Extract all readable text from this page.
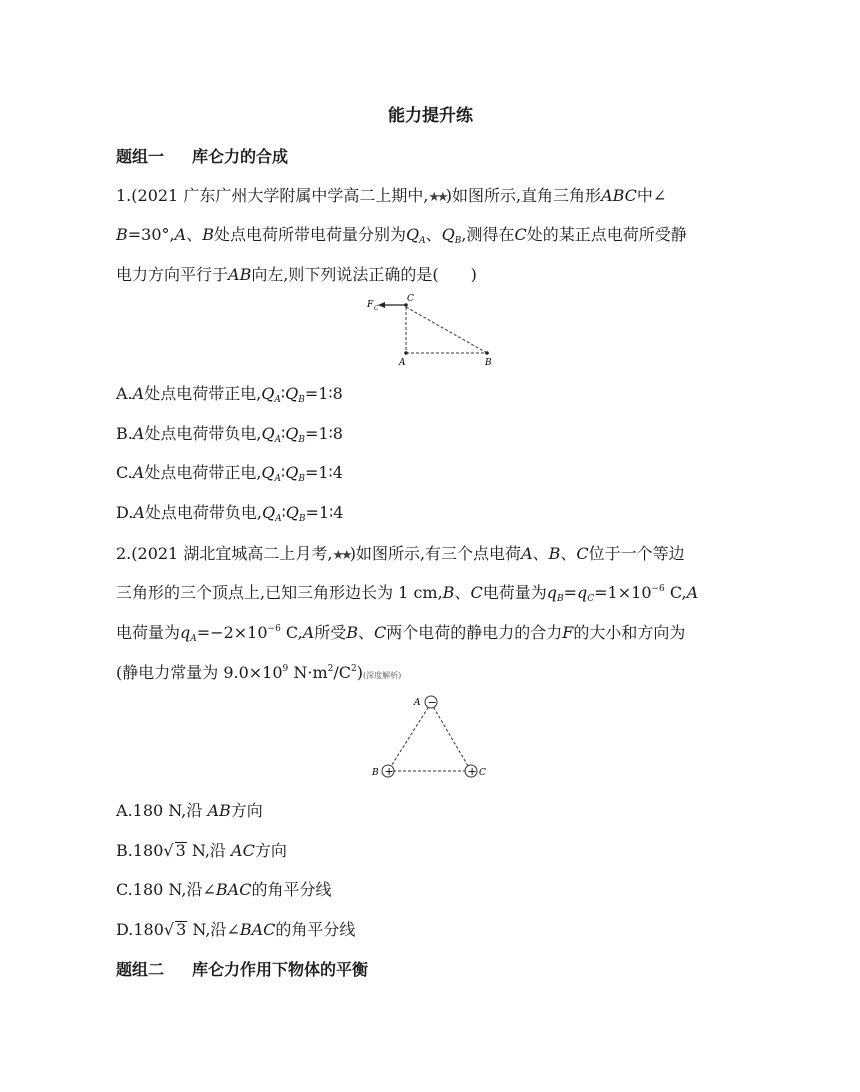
能力提升练
题组一 库仑力的合成
1.(2021 广东广州大学附属中学高二上期中,★★)如图所示,直角三角形ABC中∠
B=30°,A、B处点电荷所带电荷量分别为$Q_A$、$Q_B$,测得在C处的某正点电荷所受静
电力方向平行于AB向左,则下列说法正确的是(　　)
F C
C
A	B
A.A处点电荷带正电$,Q_A∶Q_B=1∶8$
B.A处点电荷带负电$,Q_A∶Q_B=1∶8$
C.A处点电荷带正电$,Q_A∶Q_B=1∶4$
D.A处点电荷带负电$,Q_A∶Q_B=1∶4$
2.(2021 湖北宜城高二上月考,★★)如图所示,有三个点电荷A、B、C位于一个等边
三角形的三个顶点上,已知三角形边长为 1 cm,B、C电荷量为$q_B=q_C=1\times 10^{-6}$ C,A
电荷量为$q_A=-2\times 10^{-6}$ C,A所受B、C两个电荷的静电力的合力F的大小和方向为
(静电力常量为 $9.0\times 10^9$ $N\cdot m^2/C^2$)(深度解析)
−
+	+
A
B	C
A.180 N,沿 AB方向
B.180√ 3 N,沿 AC方向
C.180 N,沿∠BAC的角平分线
D.180√ 3 N,沿∠BAC的角平分线
题组二 库仑力作用下物体的平衡
